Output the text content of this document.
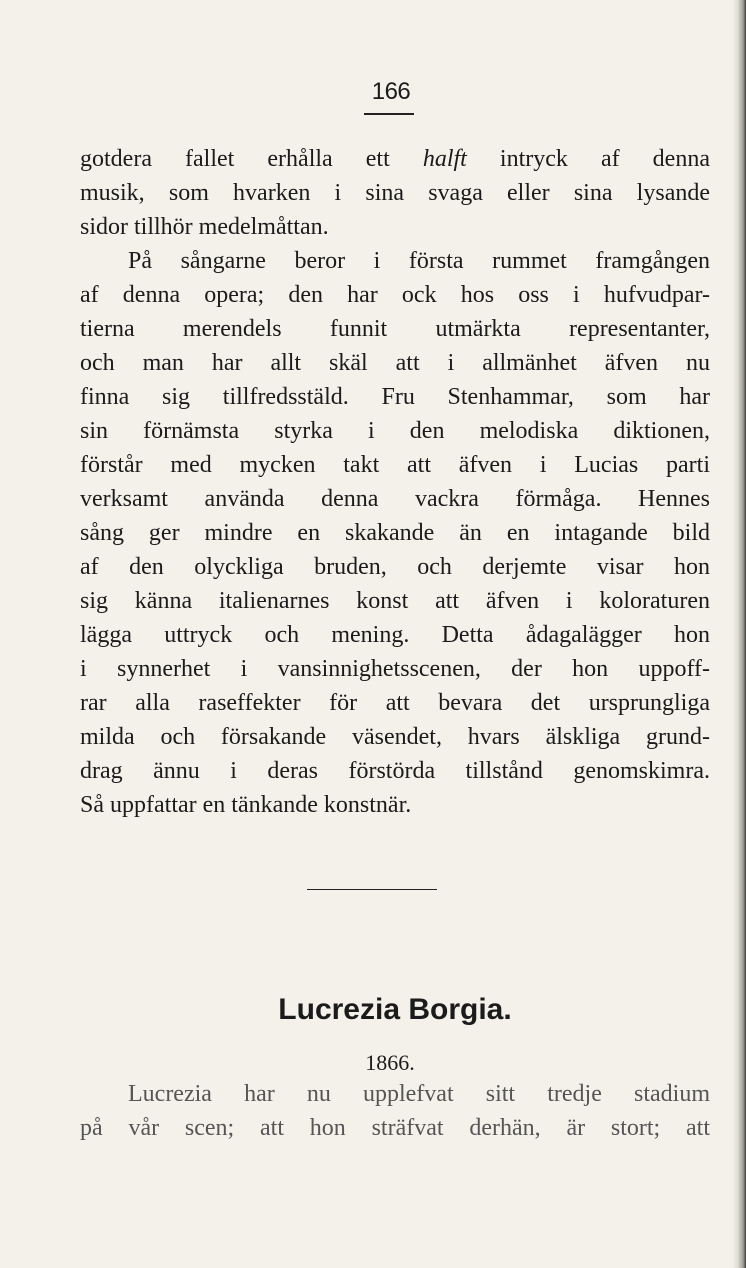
166
gotdera fallet erhålla ett halft intryck af denna
musik, som hvarken i sina svaga eller sina lysande
sidor tillhör medelmåttan.
På sångarne beror i första rummet framgången
af denna opera; den har ock hos oss i hufvudpar-
tierna merendels funnit utmärkta representanter,
och man har allt skäl att i allmänhet äfven nu
finna sig tillfredsstäld. Fru Stenhammar, som har
sin förnämsta styrka i den melodiska diktionen,
förstår med mycken takt att äfven i Lucias parti
verksamt använda denna vackra förmåga. Hennes
sång ger mindre en skakande än en intagande bild
af den olyckliga bruden, och derjemte visar hon
sig känna italienarnes konst att äfven i koloraturen
lägga uttryck och mening. Detta ådagalägger hon
i synnerhet i vansinnighetsscenen, der hon uppoff-
rar alla raseffekter för att bevara det ursprungliga
milda och försakande väsendet, hvars älskliga grund-
drag ännu i deras förstörda tillstånd genomskimra.
Så uppfattar en tänkande konstnär.
Lucrezia Borgia.
1866.
Lucrezia har nu upplefvat sitt tredje stadium
på vår scen; att hon sträfvat derhän, är stort; att
